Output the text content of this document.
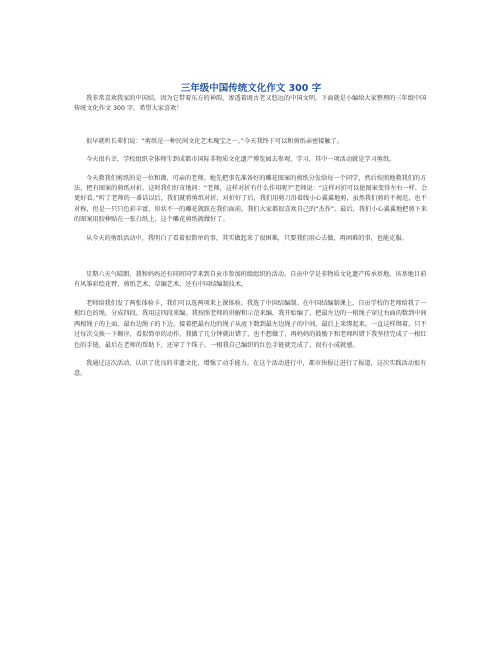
三年级中国传统文化作文 300 字

我非常喜欢我家的中国结，因为它带着东方的神韵，渗透着既古老又悠远的中国文明。下面就是小编给大家整理的三年级中国传统文化作文 300 字，希望大家喜欢！

很早就听长辈们说：“剪纸是一种民间文化艺术瑰宝之一。”今天我终于可以和剪纸亲密接触了。

今天很有幸，学校组织全体师生到成都市国际非物质文化遗产博览园去参观、学习，其中一项活动就是学习剪纸。

今天教我们剪纸的是一位和蔼、可亲的老师。她先把事先准备好的雕花图案的剪纸分发给每一个同学，然后按照地教我们的方法，把有图案的剪纸对折。这时我们好奇地问：“老师，这样对折有什么作用呢?”老师说：“这样对折可以使图案变得左右一样，会更好看。”听了老师的一番话以后，我们就将剪纸对折，对折好了后，我们用剪刀沿着线小心翼翼地剪，虽然我们剪的不规范，也不对称，但是一只只色彩丰富、形状不一的雕花就跃在我们面前，我们大家都很喜欢自己的“杰作”。最后，我们小心翼翼地把剪下来的图案用胶棒贴在一张白纸上，这个雕花剪纸就做好了。

从今天的剪纸活动中，我明白了看着很简单的事，其实做起来了很困难，只要我们用心去做，再困难的事，也能克服。

星期六天气晴朗，我和妈妈还有同班同学来到自贡市参加班级组织的活动。自贡中学是非物质文化遗产传承基地，该基地目前有风筝彩绘花臂、剪纸艺术、草编艺术、还有中国结编制技术。

老师给我们发了两张体验卡，我们可以选两项来上课体验。我选了中国结编制。在中国结编制课上，自贡学校的老师给我了一根红色的绳，分成四段。我用这四段来编。我按照老师的讲解和示范来编，我开始编了，把最左边的一根绳子穿过右面的数到中间两根绳子的上面，最右边绳子的下边。接着把最右边的绳子从底下数到最左边绳子的中间，最后上来绑起来。一直这样绑着，只不过每次交换一下顺序，看似简单的动作，我做了几分钟就出错了，也不想做了，再妈妈的鼓励下和老师纠错下我坚持完成了一根红色的手链，最后在老师的帮助下，还穿了个珠子。一根我自己编织的红色手链就完成了，很有小成就感。

我通过这次活动，认识了优良的非遗文化，增强了动手能力。在这个活动进行中，都市快报让进行了报道，这次实践活动很有意。
